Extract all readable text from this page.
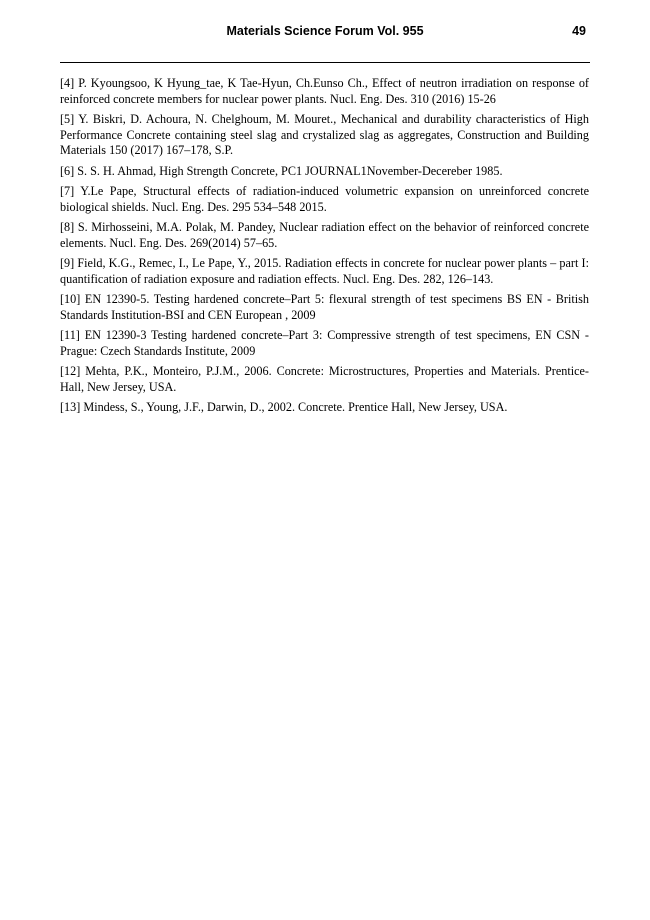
Materials Science Forum Vol. 955	49
[4] P. Kyoungsoo, K Hyung_tae, K Tae-Hyun, Ch.Eunso Ch., Effect of neutron irradiation on response of reinforced concrete members for nuclear power plants. Nucl. Eng. Des. 310 (2016) 15-26
[5] Y. Biskri, D. Achoura, N. Chelghoum, M. Mouret., Mechanical and durability characteristics of High Performance Concrete containing steel slag and crystalized slag as aggregates, Construction and Building Materials 150 (2017) 167–178, S.P.
[6] S. S. H. Ahmad, High Strength Concrete, PC1 JOURNAL1November-Decereber 1985.
[7] Y.Le Pape, Structural effects of radiation-induced volumetric expansion on unreinforced concrete biological shields. Nucl. Eng. Des. 295 534–548 2015.
[8] S. Mirhosseini, M.A. Polak, M. Pandey, Nuclear radiation effect on the behavior of reinforced concrete elements. Nucl. Eng. Des. 269(2014) 57–65.
[9] Field, K.G., Remec, I., Le Pape, Y., 2015. Radiation effects in concrete for nuclear power plants – part I: quantification of radiation exposure and radiation effects. Nucl. Eng. Des. 282, 126–143.
[10] EN 12390-5. Testing hardened concrete–Part 5: flexural strength of test specimens BS EN - British Standards Institution-BSI and CEN European , 2009
[11] EN 12390-3 Testing hardened concrete–Part 3: Compressive strength of test specimens, EN CSN - Prague: Czech Standards Institute, 2009
[12] Mehta, P.K., Monteiro, P.J.M., 2006. Concrete: Microstructures, Properties and Materials. Prentice-Hall, New Jersey, USA.
[13] Mindess, S., Young, J.F., Darwin, D., 2002. Concrete. Prentice Hall, New Jersey, USA.
